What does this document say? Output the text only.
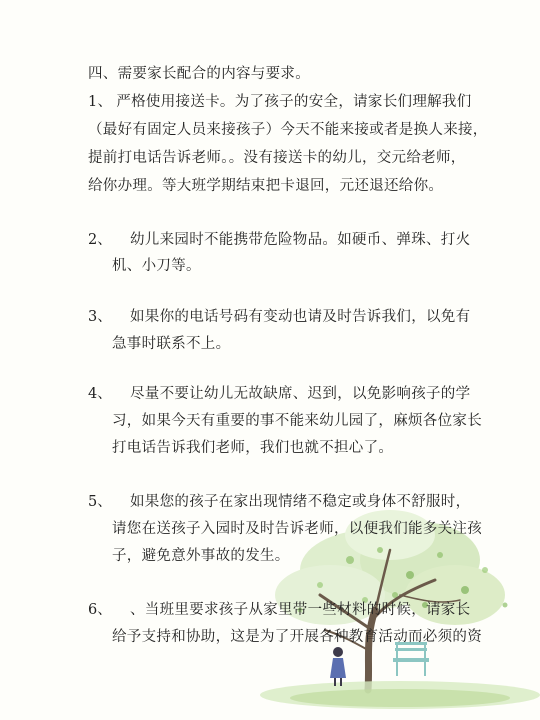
四、需要家长配合的内容与要求。
1、 严格使用接送卡。为了孩子的安全，请家长们理解我们
（最好有固定人员来接孩子）今天不能来接或者是换人来接，
提前打电话告诉老师。。没有接送卡的幼儿，交元给老师，
给你办理。等大班学期结束把卡退回，元还退还给你。
2、 幼儿来园时不能携带危险物品。如硬币、弹珠、打火
机、小刀等。
3、 如果你的电话号码有变动也请及时告诉我们，以免有
急事时联系不上。
4、 尽量不要让幼儿无故缺席、迟到，以免影响孩子的学
习，如果今天有重要的事不能来幼儿园了，麻烦各位家长
打电话告诉我们老师，我们也就不担心了。
5、 如果您的孩子在家出现情绪不稳定或身体不舒服时，
请您在送孩子入园时及时告诉老师，以便我们能多关注孩
子，避免意外事故的发生。
6、 、当班里要求孩子从家里带一些材料的时候，请家长
给予支持和协助，这是为了开展各种教育活动而必须的资
